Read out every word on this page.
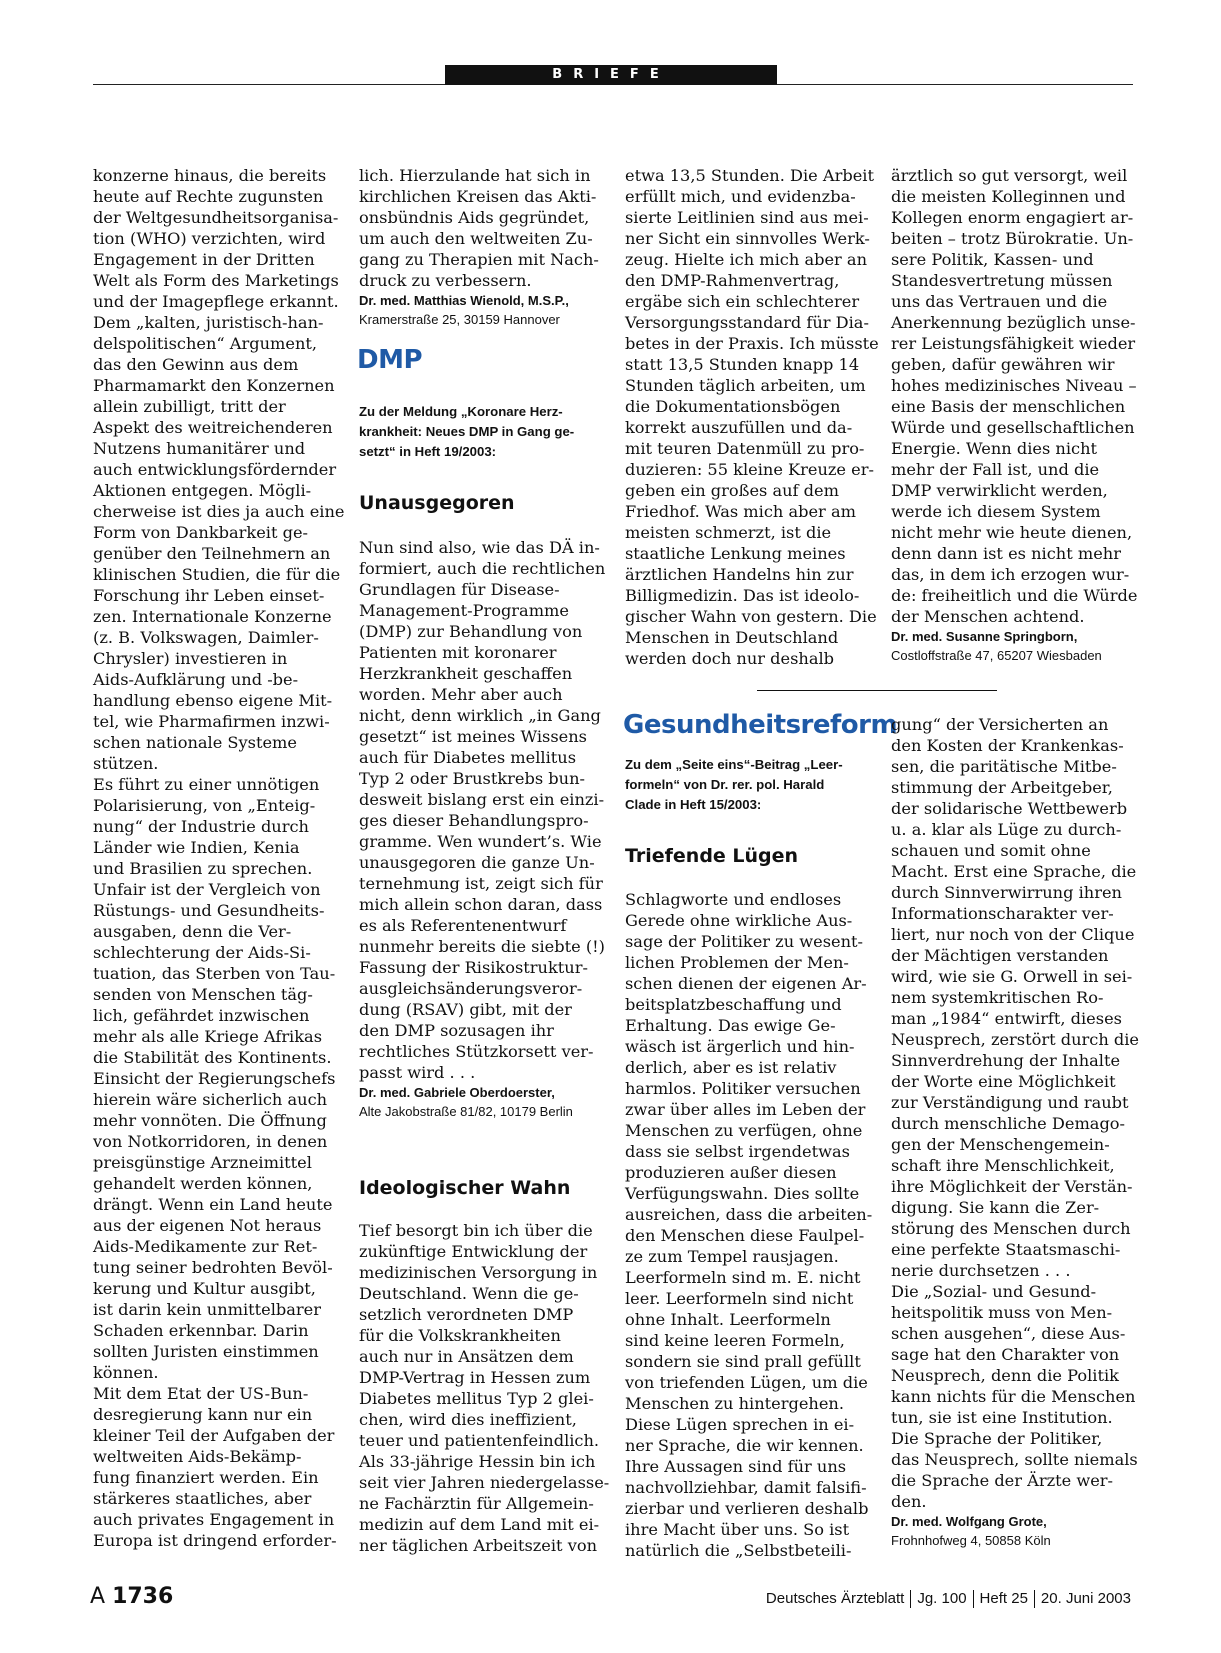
BRIEFE

konzerne hinaus, die bereits

heute auf Rechte zugunsten

der Weltgesundheitsorganisa-

tion (WHO) verzichten, wird

Engagement in der Dritten

Welt als Form des Marketings

und der Imagepflege erkannt.

Dem „kalten, juristisch-han-

delspolitischen“ Argument,

das den Gewinn aus dem

Pharmamarkt den Konzernen

allein zubilligt, tritt der

Aspekt des weitreichenderen

Nutzens humanitärer und

auch entwicklungsfördernder

Aktionen entgegen. Mögli-

cherweise ist dies ja auch eine

Form von Dankbarkeit ge-

genüber den Teilnehmern an

klinischen Studien, die für die

Forschung ihr Leben einset-

zen. Internationale Konzerne

(z. B. Volkswagen, Daimler-

Chrysler) investieren in

Aids-Aufklärung und -be-

handlung ebenso eigene Mit-

tel, wie Pharmafirmen inzwi-

schen nationale Systeme

stützen.

Es führt zu einer unnötigen

Polarisierung, von „Enteig-

nung“ der Industrie durch

Länder wie Indien, Kenia

und Brasilien zu sprechen.

Unfair ist der Vergleich von

Rüstungs- und Gesundheits-

ausgaben, denn die Ver-

schlechterung der Aids-Si-

tuation, das Sterben von Tau-

senden von Menschen täg-

lich, gefährdet inzwischen

mehr als alle Kriege Afrikas

die Stabilität des Kontinents.

Einsicht der Regierungschefs

hierein wäre sicherlich auch

mehr vonnöten. Die Öffnung

von Notkorridoren, in denen

preisgünstige Arzneimittel

gehandelt werden können,

drängt. Wenn ein Land heute

aus der eigenen Not heraus

Aids-Medikamente zur Ret-

tung seiner bedrohten Bevöl-

kerung und Kultur ausgibt,

ist darin kein unmittelbarer

Schaden erkennbar. Darin

sollten Juristen einstimmen

können.

Mit dem Etat der US-Bun-

desregierung kann nur ein

kleiner Teil der Aufgaben der

weltweiten Aids-Bekämp-

fung finanziert werden. Ein

stärkeres staatliches, aber

auch privates Engagement in

Europa ist dringend erforder-

lich. Hierzulande hat sich in

kirchlichen Kreisen das Akti-

onsbündnis Aids gegründet,

um auch den weltweiten Zu-

gang zu Therapien mit Nach-

druck zu verbessern.

Dr. med. Matthias Wienold, M.S.P.,
Kramerstraße 25, 30159 Hannover
DMP

Zu der Meldung „Koronare Herz-

krankheit: Neues DMP in Gang ge-

setzt“ in Heft 19/2003:

Unausgegoren

Nun sind also, wie das DÄ in-

formiert, auch die rechtlichen

Grundlagen für Disease-

Management-Programme

(DMP) zur Behandlung von

Patienten mit koronarer

Herzkrankheit geschaffen

worden. Mehr aber auch

nicht, denn wirklich „in Gang

gesetzt“ ist meines Wissens

auch für Diabetes mellitus

Typ 2 oder Brustkrebs bun-

desweit bislang erst ein einzi-

ges dieser Behandlungspro-

gramme. Wen wundert’s. Wie

unausgegoren die ganze Un-

ternehmung ist, zeigt sich für

mich allein schon daran, dass

es als Referentenentwurf

nunmehr bereits die siebte (!)

Fassung der Risikostruktur-

ausgleichsänderungsveror-

dung (RSAV) gibt, mit der

den DMP sozusagen ihr

rechtliches Stützkorsett ver-

passt wird . . .

Dr. med. Gabriele Oberdoerster,
Alte Jakobstraße 81/82, 10179 Berlin
Ideologischer Wahn

Tief besorgt bin ich über die

zukünftige Entwicklung der

medizinischen Versorgung in

Deutschland. Wenn die ge-

setzlich verordneten DMP

für die Volkskrankheiten

auch nur in Ansätzen dem

DMP-Vertrag in Hessen zum

Diabetes mellitus Typ 2 glei-

chen, wird dies ineffizient,

teuer und patientenfeindlich.

Als 33-jährige Hessin bin ich

seit vier Jahren niedergelasse-

ne Fachärztin für Allgemein-

medizin auf dem Land mit ei-

ner täglichen Arbeitszeit von

etwa 13,5 Stunden. Die Arbeit

erfüllt mich, und evidenzba-

sierte Leitlinien sind aus mei-

ner Sicht ein sinnvolles Werk-

zeug. Hielte ich mich aber an

den DMP-Rahmenvertrag,

ergäbe sich ein schlechterer

Versorgungsstandard für Dia-

betes in der Praxis. Ich müsste

statt 13,5 Stunden knapp 14

Stunden täglich arbeiten, um

die Dokumentationsbögen

korrekt auszufüllen und da-

mit teuren Datenmüll zu pro-

duzieren: 55 kleine Kreuze er-

geben ein großes auf dem

Friedhof. Was mich aber am

meisten schmerzt, ist die

staatliche Lenkung meines

ärztlichen Handelns hin zur

Billigmedizin. Das ist ideolo-

gischer Wahn von gestern. Die

Menschen in Deutschland

werden doch nur deshalb

ärztlich so gut versorgt, weil

die meisten Kolleginnen und

Kollegen enorm engagiert ar-

beiten – trotz Bürokratie. Un-

sere Politik, Kassen- und

Standesvertretung müssen

uns das Vertrauen und die

Anerkennung bezüglich unse-

rer Leistungsfähigkeit wieder

geben, dafür gewähren wir

hohes medizinisches Niveau –

eine Basis der menschlichen

Würde und gesellschaftlichen

Energie. Wenn dies nicht

mehr der Fall ist, und die

DMP verwirklicht werden,

werde ich diesem System

nicht mehr wie heute dienen,

denn dann ist es nicht mehr

das, in dem ich erzogen wur-

de: freiheitlich und die Würde

der Menschen achtend.

Dr. med. Susanne Springborn,
Costloffstraße 47, 65207 Wiesbaden
Gesundheitsreform

Zu dem „Seite eins“-Beitrag „Leer-

formeln“ von Dr. rer. pol. Harald

Clade in Heft 15/2003:

Triefende Lügen

Schlagworte und endloses

Gerede ohne wirkliche Aus-

sage der Politiker zu wesent-

lichen Problemen der Men-

schen dienen der eigenen Ar-

beitsplatzbeschaffung und

Erhaltung. Das ewige Ge-

wäsch ist ärgerlich und hin-

derlich, aber es ist relativ

harmlos. Politiker versuchen

zwar über alles im Leben der

Menschen zu verfügen, ohne

dass sie selbst irgendetwas

produzieren außer diesen

Verfügungswahn. Dies sollte

ausreichen, dass die arbeiten-

den Menschen diese Faulpel-

ze zum Tempel rausjagen.

Leerformeln sind m. E. nicht

leer. Leerformeln sind nicht

ohne Inhalt. Leerformeln

sind keine leeren Formeln,

sondern sie sind prall gefüllt

von triefenden Lügen, um die

Menschen zu hintergehen.

Diese Lügen sprechen in ei-

ner Sprache, die wir kennen.

Ihre Aussagen sind für uns

nachvollziehbar, damit falsifi-

zierbar und verlieren deshalb

ihre Macht über uns. So ist

natürlich die „Selbstbeteili-

gung“ der Versicherten an

den Kosten der Krankenkas-

sen, die paritätische Mitbe-

stimmung der Arbeitgeber,

der solidarische Wettbewerb

u. a. klar als Lüge zu durch-

schauen und somit ohne

Macht. Erst eine Sprache, die

durch Sinnverwirrung ihren

Informationscharakter ver-

liert, nur noch von der Clique

der Mächtigen verstanden

wird, wie sie G. Orwell in sei-

nem systemkritischen Ro-

man „1984“ entwirft, dieses

Neusprech, zerstört durch die

Sinnverdrehung der Inhalte

der Worte eine Möglichkeit

zur Verständigung und raubt

durch menschliche Demago-

gen der Menschengemein-

schaft ihre Menschlichkeit,

ihre Möglichkeit der Verstän-

digung. Sie kann die Zer-

störung des Menschen durch

eine perfekte Staatsmaschi-

nerie durchsetzen . . .

Die „Sozial- und Gesund-

heitspolitik muss von Men-

schen ausgehen“, diese Aus-

sage hat den Charakter von

Neusprech, denn die Politik

kann nichts für die Menschen

tun, sie ist eine Institution.

Die Sprache der Politiker,

das Neusprech, sollte niemals

die Sprache der Ärzte wer-

den.

Dr. med. Wolfgang Grote,
Frohnhofweg 4, 50858 Köln
A 1736	Deutsches Ärzteblatt Jg. 100 Heft 25 20. Juni 2003
